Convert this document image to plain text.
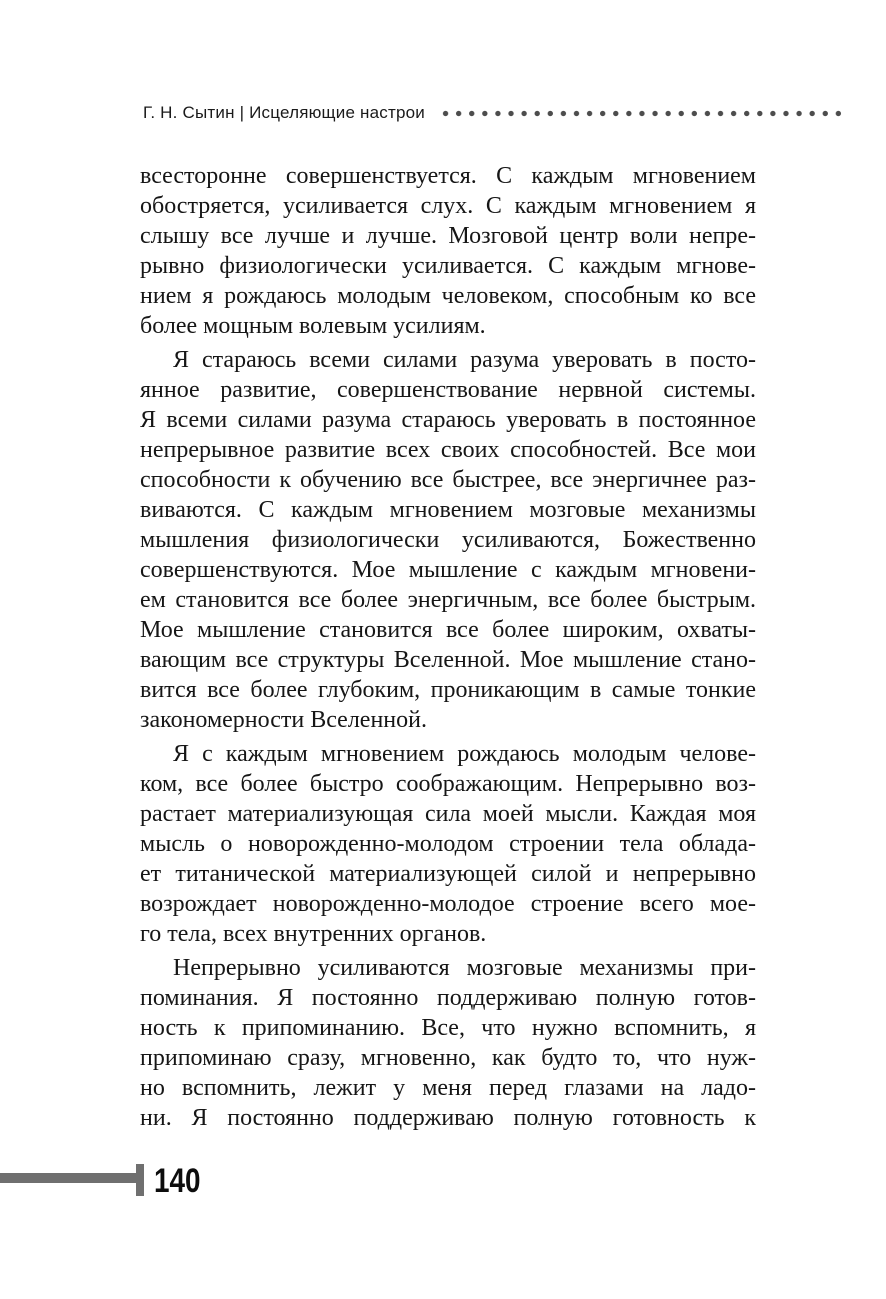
Г. Н. Сытин | Исцеляющие настрои
всесторонне совершенствуется. С каждым мгновением
обостряется, усиливается слух. С каждым мгновением я
слышу все лучше и лучше. Мозговой центр воли непре-
рывно физиологически усиливается. С каждым мгнове-
нием я рождаюсь молодым человеком, способным ко все
более мощным волевым усилиям.
Я стараюсь всеми силами разума уверовать в посто-
янное развитие, совершенствование нервной системы.
Я всеми силами разума стараюсь уверовать в постоянное
непрерывное развитие всех своих способностей. Все мои
способности к обучению все быстрее, все энергичнее раз-
виваются. С каждым мгновением мозговые механизмы
мышления физиологически усиливаются, Божественно
совершенствуются. Мое мышление с каждым мгновени-
ем становится все более энергичным, все более быстрым.
Мое мышление становится все более широким, охваты-
вающим все структуры Вселенной. Мое мышление стано-
вится все более глубоким, проникающим в самые тонкие
закономерности Вселенной.
Я с каждым мгновением рождаюсь молодым челове-
ком, все более быстро соображающим. Непрерывно воз-
растает материализующая сила моей мысли. Каждая моя
мысль о новорожденно-молодом строении тела облада-
ет титанической материализующей силой и непрерывно
возрождает новорожденно-молодое строение всего мое-
го тела, всех внутренних органов.
Непрерывно усиливаются мозговые механизмы при-
поминания. Я постоянно поддерживаю полную готов-
ность к припоминанию. Все, что нужно вспомнить, я
припоминаю сразу, мгновенно, как будто то, что нуж-
но вспомнить, лежит у меня перед глазами на ладо-
ни. Я постоянно поддерживаю полную готовность к
140
